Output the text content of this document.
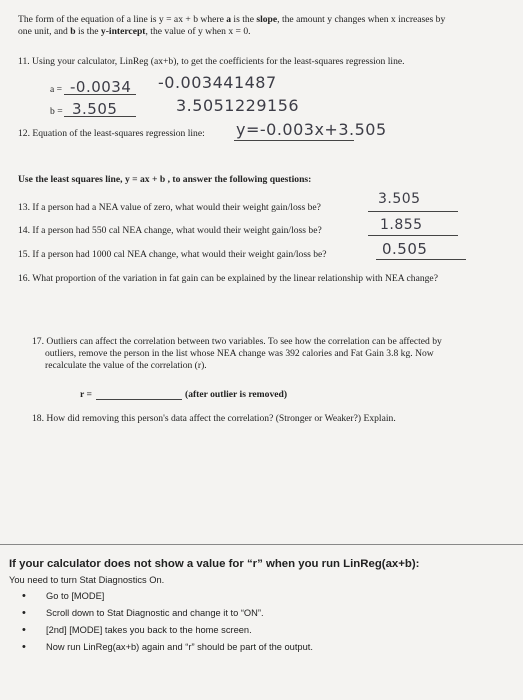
The form of the equation of a line is y = ax + b where a is the slope, the amount y changes when x increases by
one unit, and b is the y-intercept, the value of y when x = 0.
11. Using your calculator, LinReg (ax+b), to get the coefficients for the least-squares regression line.
a = -0.0034 -0.003441487
b = 3.505	3.5051229156
12. Equation of the least-squares regression line: y=-0.003x+3.505
Use the least squares line, y = ax + b , to answer the following questions:
13. If a person had a NEA value of zero, what would their weight gain/loss be?
3.505
14. If a person had 550 cal NEA change, what would their weight gain/loss be?	1.855
15. If a person had 1000 cal NEA change, what would their weight gain/loss be?	0.505
16. What proportion of the variation in fat gain can be explained by the linear relationship with NEA change?
17. Outliers can affect the correlation between two variables. To see how the correlation can be affected by
outliers, remove the person in the list whose NEA change was 392 calories and Fat Gain 3.8 kg. Now
recalculate the value of the correlation (r).
r =	(after outlier is removed)
18. How did removing this person's data affect the correlation? (Stronger or Weaker?) Explain.
If your calculator does not show a value for “r” when you run LinReg(ax+b):
You need to turn Stat Diagnostics On.
• Go to [MODE]
• Scroll down to Stat Diagnostic and change it to “ON”.
• [2nd] [MODE] takes you back to the home screen.
• Now run LinReg(ax+b) again and “r” should be part of the output.
